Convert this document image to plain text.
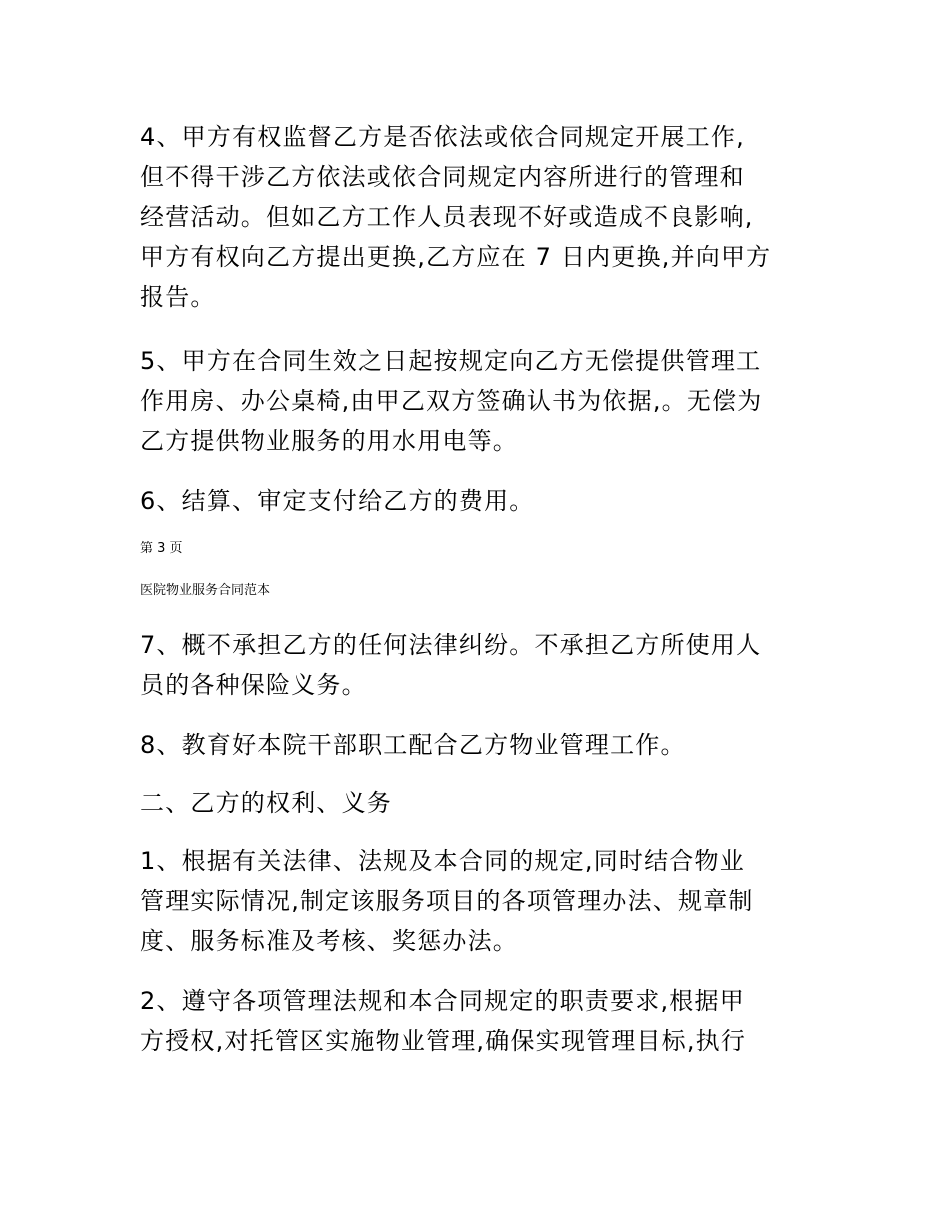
4、甲方有权监督乙方是否依法或依合同规定开展工作,
但不得干涉乙方依法或依合同规定内容所进行的管理和
经营活动。但如乙方工作人员表现不好或造成不良影响,
甲方有权向乙方提出更换,乙方应在 7 日内更换,并向甲方
报告。
5、甲方在合同生效之日起按规定向乙方无偿提供管理工
作用房、办公桌椅,由甲乙双方签确认书为依据,。无偿为
乙方提供物业服务的用水用电等。
6、结算、审定支付给乙方的费用。
第 3 页
医院物业服务合同范本
7、概不承担乙方的任何法律纠纷。不承担乙方所使用人
员的各种保险义务。
8、教育好本院干部职工配合乙方物业管理工作。
二、乙方的权利、义务
1、根据有关法律、法规及本合同的规定,同时结合物业
管理实际情况,制定该服务项目的各项管理办法、规章制
度、服务标准及考核、奖惩办法。
2、遵守各项管理法规和本合同规定的职责要求,根据甲
方授权,对托管区实施物业管理,确保实现管理目标,执行
